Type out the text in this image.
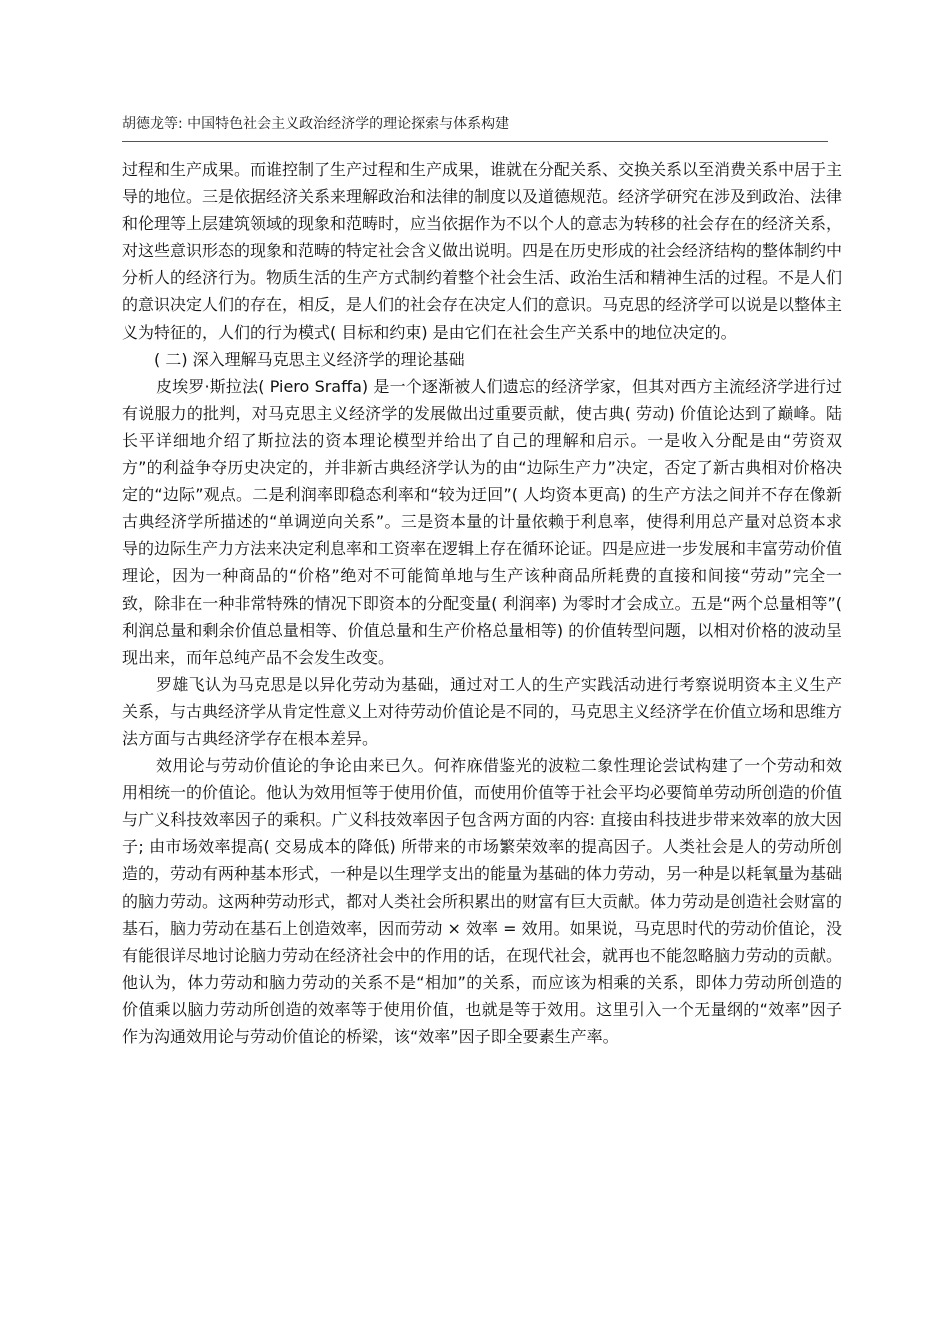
胡德龙等: 中国特色社会主义政治经济学的理论探索与体系构建

过程和生产成果。而谁控制了生产过程和生产成果，谁就在分配关系、交换关系以至消费关系中居于主导的地位。三是依据经济关系来理解政治和法律的制度以及道德规范。经济学研究在涉及到政治、法律和伦理等上层建筑领域的现象和范畴时，应当依据作为不以个人的意志为转移的社会存在的经济关系，对这些意识形态的现象和范畴的特定社会含义做出说明。四是在历史形成的社会经济结构的整体制约中分析人的经济行为。物质生活的生产方式制约着整个社会生活、政治生活和精神生活的过程。不是人们的意识决定人们的存在，相反，是人们的社会存在决定人们的意识。马克思的经济学可以说是以整体主义为特征的，人们的行为模式( 目标和约束) 是由它们在社会生产关系中的地位决定的。

( 二) 深入理解马克思主义经济学的理论基础

皮埃罗·斯拉法( Piero Sraffa) 是一个逐渐被人们遗忘的经济学家，但其对西方主流经济学进行过有说服力的批判，对马克思主义经济学的发展做出过重要贡献，使古典( 劳动) 价值论达到了巅峰。陆长平详细地介绍了斯拉法的资本理论模型并给出了自己的理解和启示。一是收入分配是由“劳资双方”的利益争夺历史决定的，并非新古典经济学认为的由“边际生产力”决定，否定了新古典相对价格决定的“边际”观点。二是利润率即稳态利率和“较为迂回”( 人均资本更高) 的生产方法之间并不存在像新古典经济学所描述的“单调逆向关系”。三是资本量的计量依赖于利息率，使得利用总产量对总资本求导的边际生产力方法来决定利息率和工资率在逻辑上存在循环论证。四是应进一步发展和丰富劳动价值理论，因为一种商品的“价格”绝对不可能简单地与生产该种商品所耗费的直接和间接“劳动”完全一致，除非在一种非常特殊的情况下即资本的分配变量( 利润率) 为零时才会成立。五是“两个总量相等”( 利润总量和剩余价值总量相等、价值总量和生产价格总量相等) 的价值转型问题，以相对价格的波动呈现出来，而年总纯产品不会发生改变。

罗雄飞认为马克思是以异化劳动为基础，通过对工人的生产实践活动进行考察说明资本主义生产关系，与古典经济学从肯定性意义上对待劳动价值论是不同的，马克思主义经济学在价值立场和思维方法方面与古典经济学存在根本差异。

效用论与劳动价值论的争论由来已久。何祚庥借鉴光的波粒二象性理论尝试构建了一个劳动和效用相统一的价值论。他认为效用恒等于使用价值，而使用价值等于社会平均必要简单劳动所创造的价值与广义科技效率因子的乘积。广义科技效率因子包含两方面的内容: 直接由科技进步带来效率的放大因子; 由市场效率提高( 交易成本的降低) 所带来的市场繁荣效率的提高因子。人类社会是人的劳动所创造的，劳动有两种基本形式，一种是以生理学支出的能量为基础的体力劳动，另一种是以耗氧量为基础的脑力劳动。这两种劳动形式，都对人类社会所积累出的财富有巨大贡献。体力劳动是创造社会财富的基石，脑力劳动在基石上创造效率，因而劳动 × 效率 = 效用。如果说，马克思时代的劳动价值论，没有能很详尽地讨论脑力劳动在经济社会中的作用的话，在现代社会，就再也不能忽略脑力劳动的贡献。他认为，体力劳动和脑力劳动的关系不是“相加”的关系，而应该为相乘的关系，即体力劳动所创造的价值乘以脑力劳动所创造的效率等于使用价值，也就是等于效用。这里引入一个无量纲的“效率”因子作为沟通效用论与劳动价值论的桥梁，该“效率”因子即全要素生产率。
